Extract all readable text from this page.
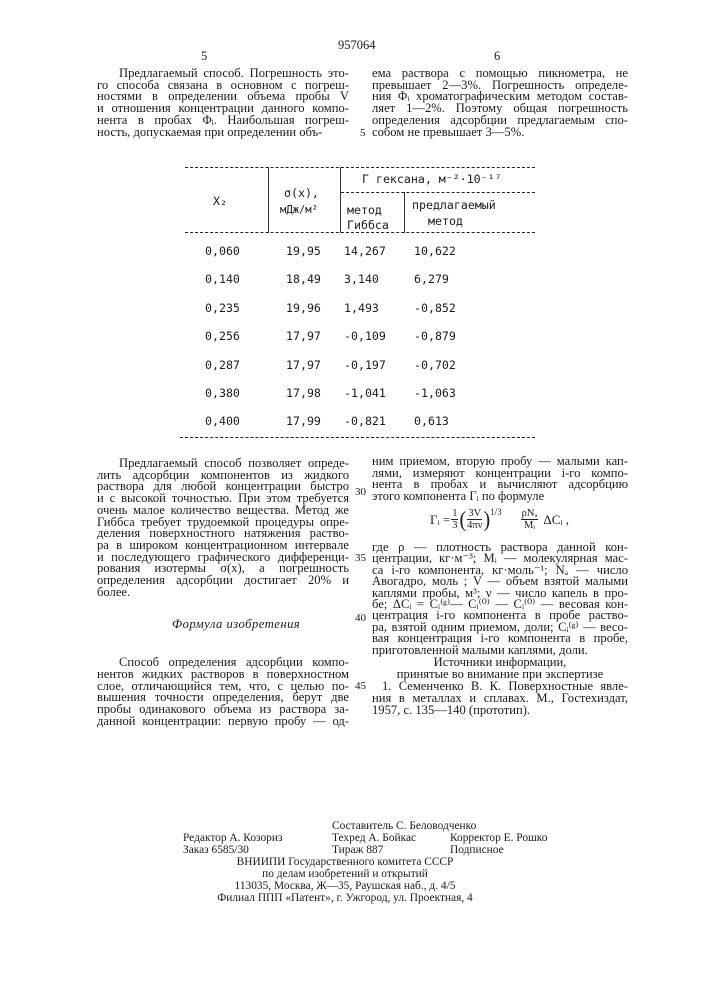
957064
5	6
Предлагаемый способ. Погрешность это-
го способа связана в основном с погреш-
ностями в определении объема пробы V
и отношения концентрации данного компо-
нента в пробах Φᵢ. Наибольшая погреш-
ность, допускаемая при определении объ-
Предлагаемый способ позволяет опреде-
лить адсорбции компонентов из жидкого
раствора для любой концентрации быстро
и с высокой точностью. При этом требуется
очень малое количество вещества. Метод же
Гиббса требует трудоемкой процедуры опре-
деления поверхностного натяжения раство-
ра в широком концентрационном интервале
и последующего графического дифференци-
рования изотермы σ(x), а погрешность
определения адсорбции достигает 20% и
более.
Формула изобретения
Способ определения адсорбции компо-
нентов жидких растворов в поверхностном
слое, отличающийся тем, что, с целью по-
вышения точности определения, берут две
пробы одинакового объема из раствора за-
данной концентрации: первую пробу — од-
5
30
35
40
45
ема раствора с помощью пикнометра, не
превышает 2—3%. Погрешность определе-
ния Φᵢ хроматографическим методом состав-
ляет 1—2%. Поэтому общая погрешность
определения адсорбции предлагаемым спо-
собом не превышает 3—5%.
ним приемом, вторую пробу — малыми кап-
лями, измеряют концентрации i-го компо-
нента в пробах и вычисляют адсорбцию
этого компонента Γᵢ по формуле
Γᵢ = 1
3 ( 3V
4πν ) 1/3 ρNₐ
Mᵢ ΔCᵢ ,
где ρ — плотность раствора данной кон-
центрации, кг·м⁻³; Mᵢ — молекулярная мас-
са i-го компонента, кг·моль⁻¹; Nₐ — число
Авогадро, моль ; V — объем взятой малыми
каплями пробы, м³; ν — число капель в про-
бе; ΔCᵢ = Cᵢ⁽ᵍ⁾— Cᵢ⁽⁰⁾ — Cᵢ⁽⁰⁾ — весовая кон-
центрация i-го компонента в пробе раство-
ра, взятой одним приемом, доли; Cᵢ⁽ᵍ⁾ — весо-
вая концентрация i-го компонента в пробе,
приготовленной малыми каплями, доли.
Источники информации,
принятые во внимание при экспертизе
1. Семенченко В. К. Поверхностные явле-
ния в металлах и сплавах. М., Гостехиздат,
1957, с. 135—140 (прототип).
X₂
σ(x),
мДж/м²
Γ гексана, м⁻²·10⁻¹⁷
метод
Гиббса
предлагаемый
метод
0,060	19,95 14,267 10,622
0,140	18,49 3,140	6,279
0,235	19,96 1,493	-0,852
0,256	17,97 -0,109 -0,879
0,287	17,97 -0,197 -0,702
0,380	17,98 -1,041 -1,063
0,400	17,99 -0,821 0,613
Составитель С. Беловодченко
Редактор А. Козориз	Техред А. Бойкас	Корректор Е. Рошко
Заказ 6585/30	Тираж 887	Подписное
ВНИИПИ Государственного комитета СССР
по делам изобретений и открытий
113035, Москва, Ж—35, Раушская наб., д. 4/5
Филиал ППП «Патент», г. Ужгород, ул. Проектная, 4
